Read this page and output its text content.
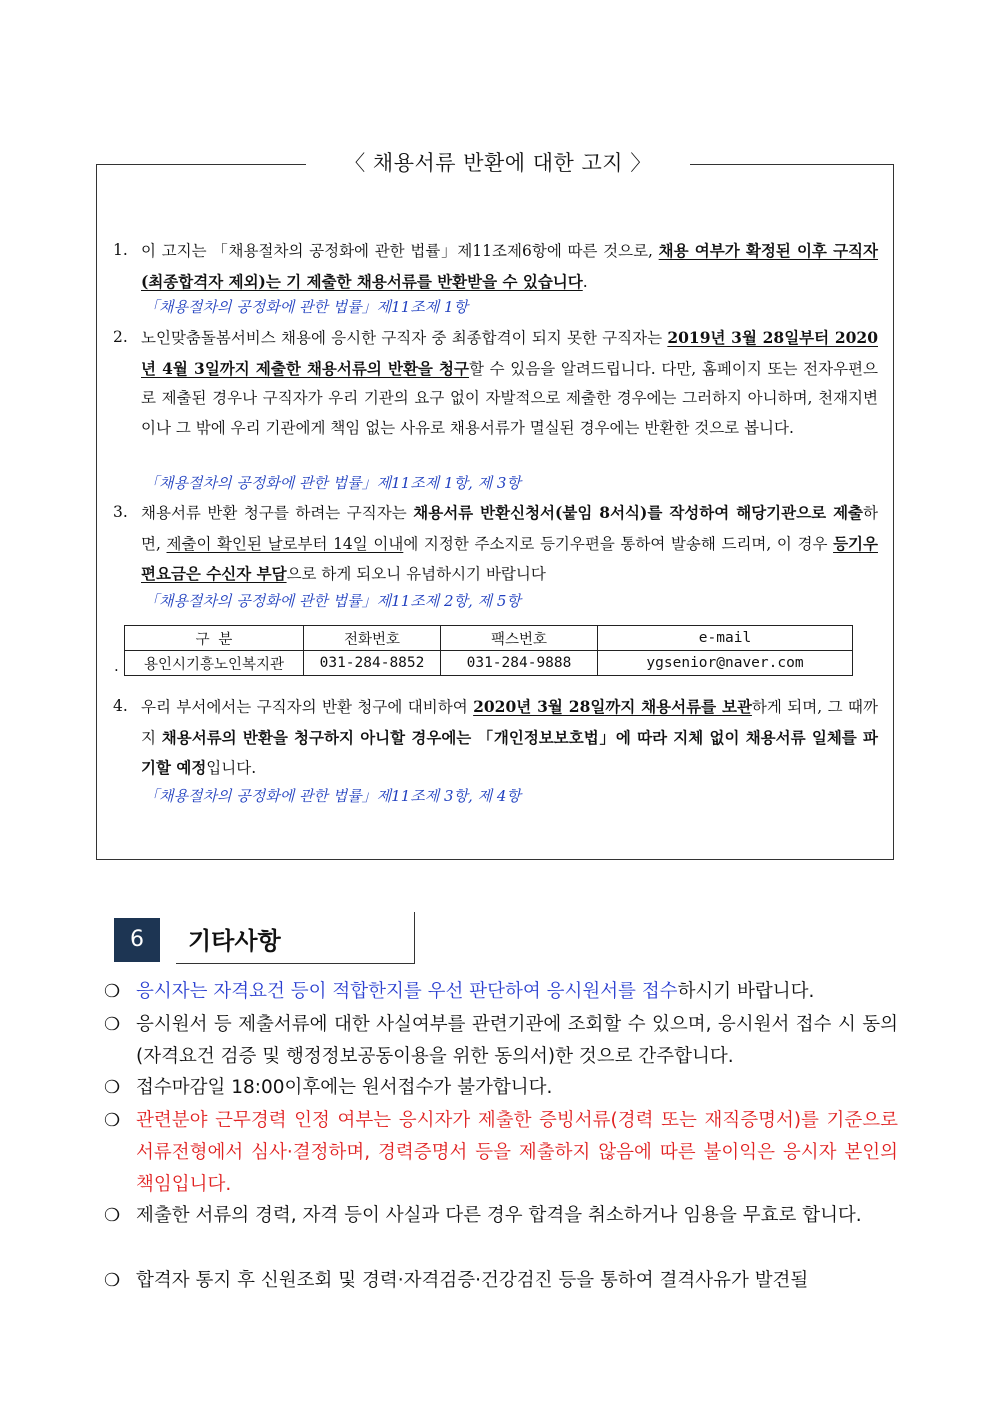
〈 채용서류 반환에 대한 고지 〉
1. 이 고지는 「채용절차의 공정화에 관한 법률」제11조제6항에 따른 것으로, 채용 여부가 확정된 이후 구직자(최종합격자 제외)는 기 제출한 채용서류를 반환받을 수 있습니다.
「채용절차의 공정화에 관한 법률」제11조제 1항
2. 노인맞춤돌봄서비스 채용에 응시한 구직자 중 최종합격이 되지 못한 구직자는 2019년 3월 28일부터 2020년 4월 3일까지 제출한 채용서류의 반환을 청구할 수 있음을 알려드립니다. 다만, 홈페이지 또는 전자우편으로 제출된 경우나 구직자가 우리 기관의 요구 없이 자발적으로 제출한 경우에는 그러하지 아니하며, 천재지변이나 그 밖에 우리 기관에게 책임 없는 사유로 채용서류가 멸실된 경우에는 반환한 것으로 봅니다.
「채용절차의 공정화에 관한 법률」제11조제 1항, 제 3항
3. 채용서류 반환 청구를 하려는 구직자는 채용서류 반환신청서(붙임 8서식)를 작성하여 해당기관으로 제출하면, 제출이 확인된 날로부터 14일 이내에 지정한 주소지로 등기우편을 통하여 발송해 드리며, 이 경우 등기우편요금은 수신자 부담으로 하게 되오니 유념하시기 바랍니다
「채용절차의 공정화에 관한 법률」제11조제 2항, 제 5항
.
구 분	전화번호	팩스번호	e-mail
용인시기흥노인복지관	031-284-8852	031-284-9888	ygsenior@naver.com
4. 우리 부서에서는 구직자의 반환 청구에 대비하여 2020년 3월 28일까지 채용서류를 보관하게 되며, 그 때까지 채용서류의 반환을 청구하지 아니할 경우에는 「개인정보보호법」에 따라 지체 없이 채용서류 일체를 파기할 예정입니다.
「채용절차의 공정화에 관한 법률」제11조제 3항, 제 4항
6	기타사항
❍ 응시자는 자격요건 등이 적합한지를 우선 판단하여 응시원서를 접수하시기 바랍니다.
❍ 응시원서 등 제출서류에 대한 사실여부를 관련기관에 조회할 수 있으며, 응시원서 접수 시 동의(자격요건 검증 및 행정정보공동이용을 위한 동의서)한 것으로 간주합니다.
❍ 접수마감일 18:00이후에는 원서접수가 불가합니다.
❍ 관련분야 근무경력 인정 여부는 응시자가 제출한 증빙서류(경력 또는 재직증명서)를 기준으로 서류전형에서 심사·결정하며, 경력증명서 등을 제출하지 않음에 따른 불이익은 응시자 본인의 책임입니다.
❍ 제출한 서류의 경력, 자격 등이 사실과 다른 경우 합격을 취소하거나 임용을 무효로 합니다.
❍ 합격자 통지 후 신원조회 및 경력·자격검증·건강검진 등을 통하여 결격사유가 발견될
